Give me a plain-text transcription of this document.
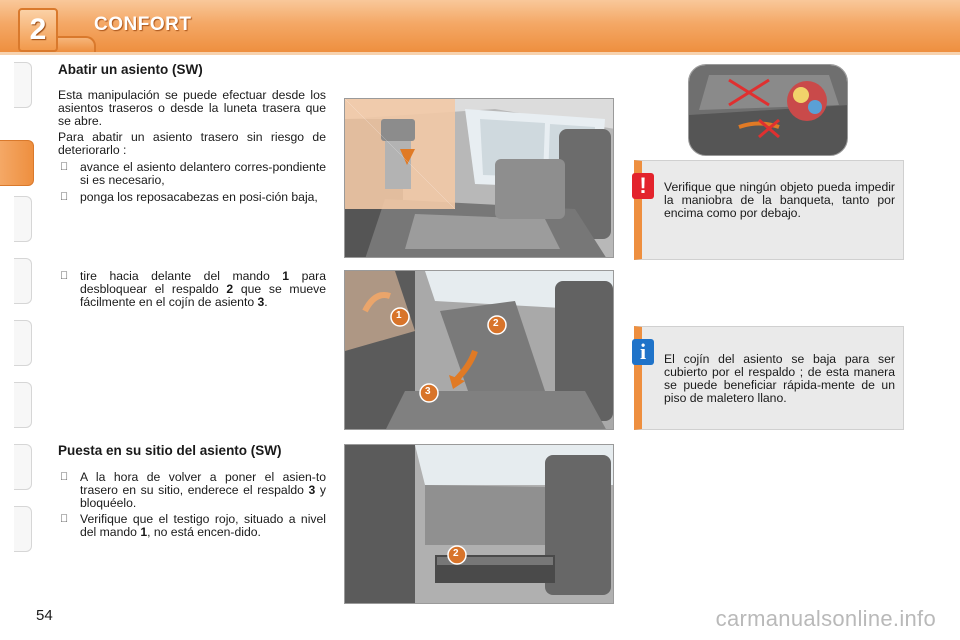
2	CONFORT
Abatir un asiento (SW)
Esta manipulación se puede efectuar desde los asientos traseros o desde la luneta trasera que se abre.
Para abatir un asiento trasero sin riesgo de deteriorarlo :
avance el asiento delantero corres-pondiente si es necesario,
ponga los reposacabezas en posi-ción baja,
tire hacia delante del mando 1 para desbloquear el respaldo 2 que se mueve fácilmente en el cojín de asiento 3.
Puesta en su sitio del asiento (SW)
A la hora de volver a poner el asien-to trasero en su sitio, enderece el respaldo 3 y bloquéelo.
Verifique que el testigo rojo, situado a nivel del mando 1, no está encen-dido.
1
2
3
2
!	Verifique que ningún objeto pueda impedir la maniobra de la banqueta, tanto por encima como por debajo.
i	El cojín del asiento se baja para ser cubierto por el respaldo ; de esta manera se puede beneficiar rápida-mente de un piso de maletero llano.
54	carmanualsonline.info
